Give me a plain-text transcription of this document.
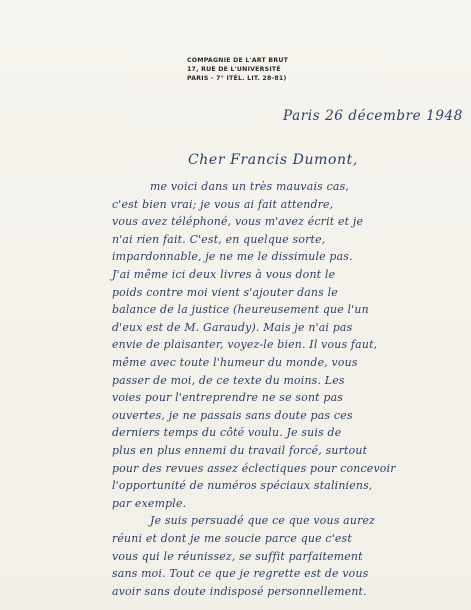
COMPAGNIE DE L'ART BRUT
17, RUE DE L'UNIVERSITÉ
PARIS - 7° ITÉL. LIT. 28-81)
Paris 26 décembre 1948
Cher Francis Dumont,
me voici dans un très mauvais cas,
c'est bien vrai; je vous ai fait attendre,
vous avez téléphoné, vous m'avez écrit et je
n'ai rien fait. C'est, en quelque sorte,
impardonnable, je ne me le dissimule pas.
J'ai même ici deux livres à vous dont le
poids contre moi vient s'ajouter dans le
balance de la justice (heureusement que l'un
d'eux est de M. Garaudy). Mais je n'ai pas
envie de plaisanter, voyez-le bien. Il vous faut,
même avec toute l'humeur du monde, vous
passer de moi, de ce texte du moins. Les
voies pour l'entreprendre ne se sont pas
ouvertes, je ne passais sans doute pas ces
derniers temps du côté voulu. Je suis de
plus en plus ennemi du travail forcé, surtout
pour des revues assez éclectiques pour concevoir
l'opportunité de numéros spéciaux staliniens,
par exemple.
Je suis persuadé que ce que vous aurez
réuni et dont je me soucie parce que c'est
vous qui le réunissez, se suffit parfaitement
sans moi. Tout ce que je regrette est de vous
avoir sans doute indisposé personnellement.
